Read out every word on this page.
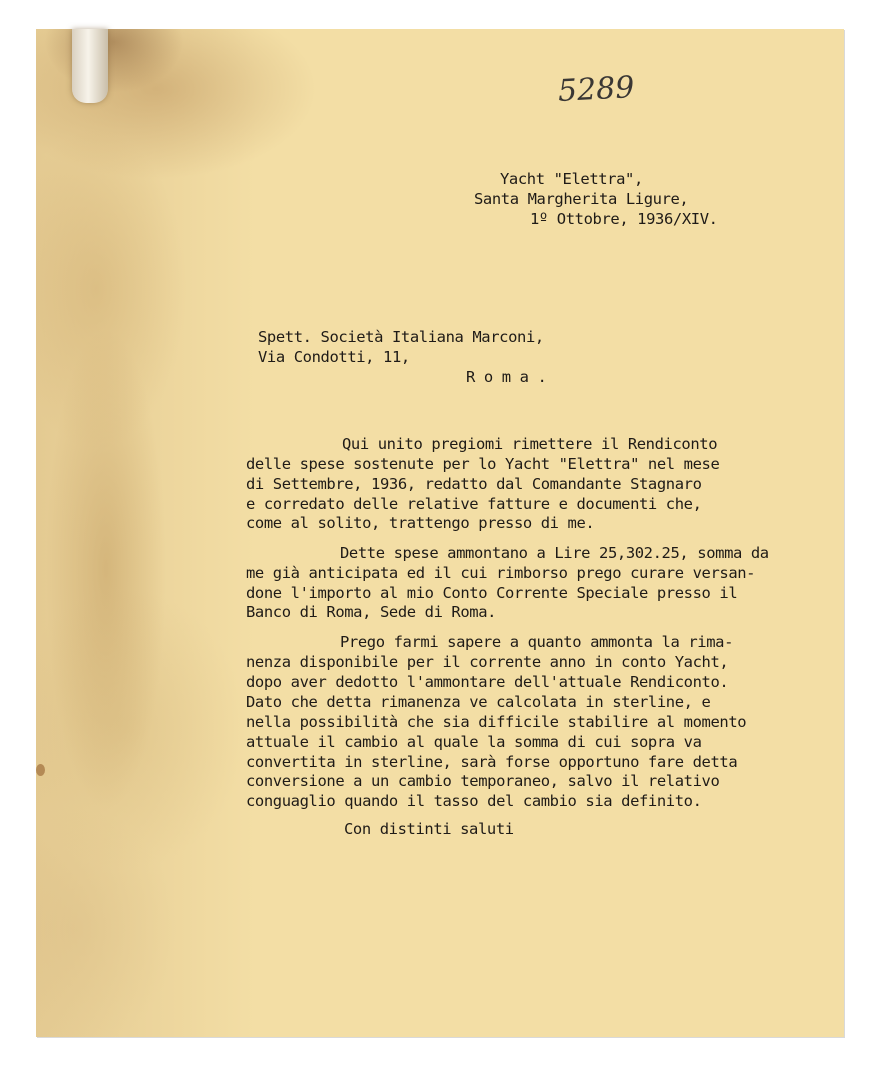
5289
Yacht "Elettra",
Santa Margherita Ligure,
1º Ottobre, 1936/XIV.
Spett. Società Italiana Marconi,
Via Condotti, 11,
R o m a .
Qui unito pregiomi rimettere il Rendiconto
delle spese sostenute per lo Yacht "Elettra" nel mese
di Settembre, 1936, redatto dal Comandante Stagnaro
e corredato delle relative fatture e documenti che,
come al solito, trattengo presso di me.
Dette spese ammontano a Lire 25,302.25, somma da
me già anticipata ed il cui rimborso prego curare versan-
done l'importo al mio Conto Corrente Speciale presso il
Banco di Roma, Sede di Roma.
Prego farmi sapere a quanto ammonta la rima-
nenza disponibile per il corrente anno in conto Yacht,
dopo aver dedotto l'ammontare dell'attuale Rendiconto.
Dato che detta rimanenza ve calcolata in sterline, e
nella possibilità che sia difficile stabilire al momento
attuale il cambio al quale la somma di cui sopra va
convertita in sterline, sarà forse opportuno fare detta
conversione a un cambio temporaneo, salvo il relativo
conguaglio quando il tasso del cambio sia definito.
Con distinti saluti
